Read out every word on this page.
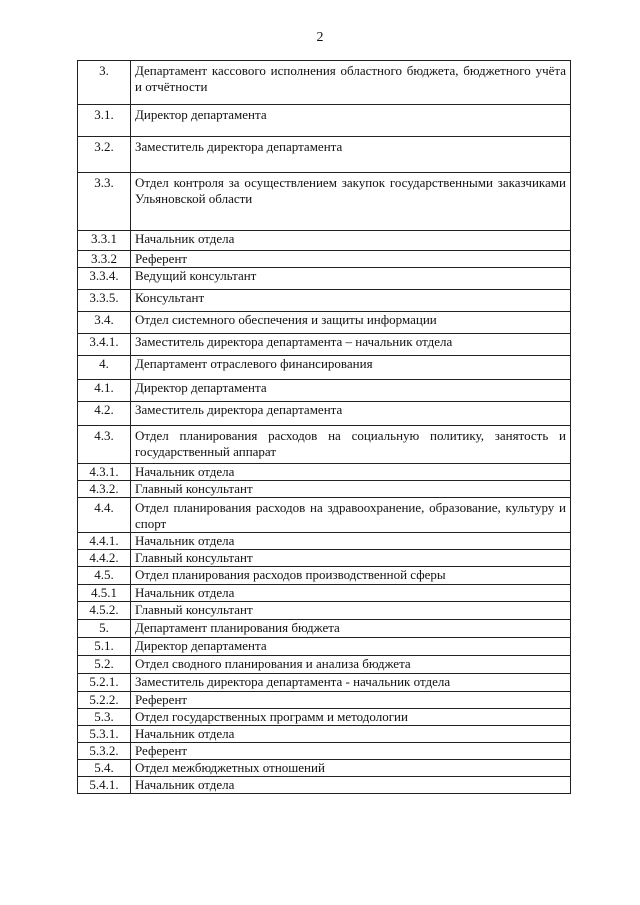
2
3.	Департамент кассового исполнения областного бюджета, бюджетного учёта и отчётности
3.1.	Директор департамента
3.2.	Заместитель директора департамента
3.3.	Отдел контроля за осуществлением закупок государственными заказчиками Ульяновской области
3.3.1	Начальник отдела
3.3.2	Референт
3.3.4.	Ведущий консультант
3.3.5.	Консультант
3.4.	Отдел системного обеспечения и защиты информации
3.4.1.	Заместитель директора департамента – начальник отдела
4.	Департамент отраслевого финансирования
4.1.	Директор департамента
4.2.	Заместитель директора департамента
4.3.	Отдел планирования расходов на социальную политику, занятость и государственный аппарат
4.3.1.	Начальник отдела
4.3.2.	Главный консультант
4.4.	Отдел планирования расходов на здравоохранение, образование, культуру и спорт
4.4.1.	Начальник отдела
4.4.2.	Главный консультант
4.5.	Отдел планирования расходов производственной сферы
4.5.1	Начальник отдела
4.5.2.	Главный консультант
5.	Департамент планирования бюджета
5.1.	Директор департамента
5.2.	Отдел сводного планирования и анализа бюджета
5.2.1.	Заместитель директора департамента - начальник отдела
5.2.2.	Референт
5.3.	Отдел государственных программ и методологии
5.3.1.	Начальник отдела
5.3.2.	Референт
5.4.	Отдел межбюджетных отношений
5.4.1.	Начальник отдела
